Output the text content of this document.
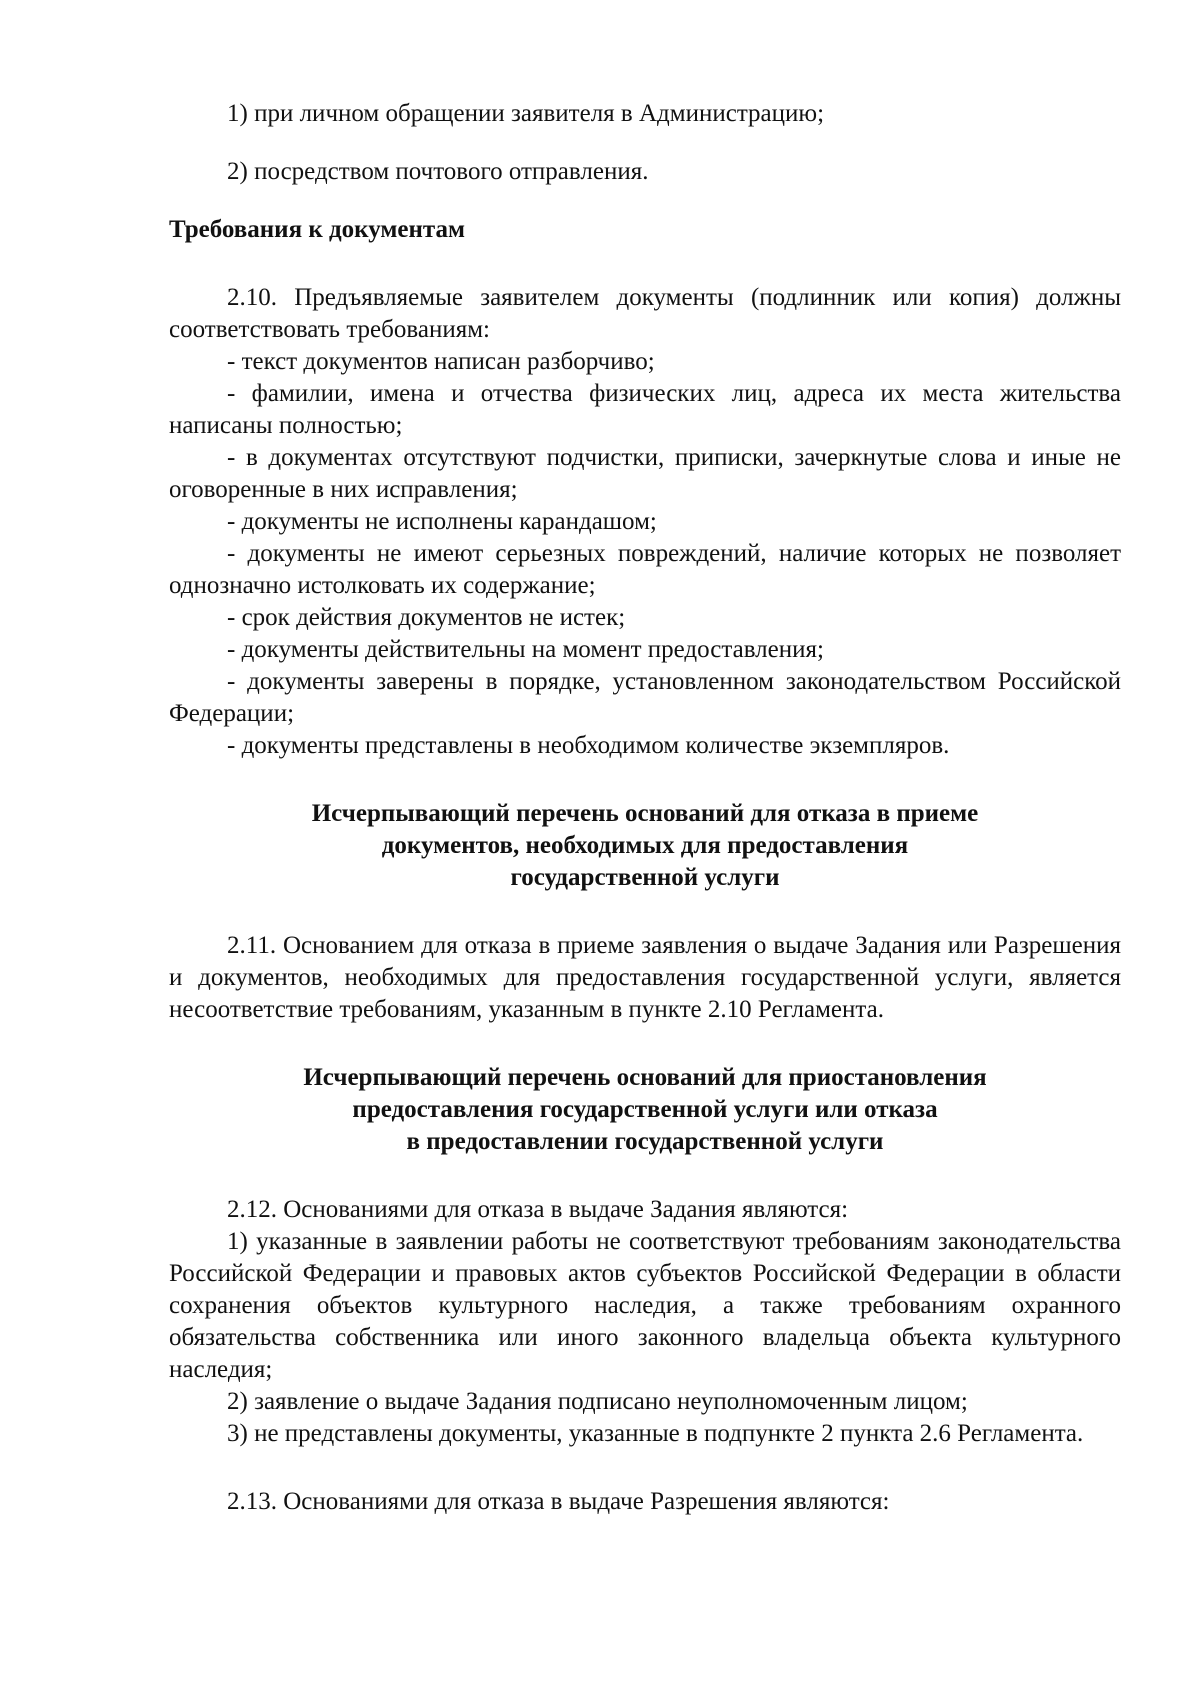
1) при личном обращении заявителя в Администрацию;

2) посредством почтового отправления.

Требования к документам

2.10. Предъявляемые заявителем документы (подлинник или копия) должны соответствовать требованиям:

- текст документов написан разборчиво;

- фамилии, имена и отчества физических лиц, адреса их места жительства написаны полностью;

- в документах отсутствуют подчистки, приписки, зачеркнутые слова и иные не оговоренные в них исправления;

- документы не исполнены карандашом;

- документы не имеют серьезных повреждений, наличие которых не позволяет однозначно истолковать их содержание;

- срок действия документов не истек;

- документы действительны на момент предоставления;

- документы заверены в порядке, установленном законодательством Российской Федерации;

- документы представлены в необходимом количестве экземпляров.

Исчерпывающий перечень оснований для отказа в приеме
документов, необходимых для предоставления
государственной услуги

2.11. Основанием для отказа в приеме заявления о выдаче Задания или Разрешения и документов, необходимых для предоставления государственной услуги, является несоответствие требованиям, указанным в пункте 2.10 Регламента.

Исчерпывающий перечень оснований для приостановления
предоставления государственной услуги или отказа
в предоставлении государственной услуги

2.12. Основаниями для отказа в выдаче Задания являются:

1) указанные в заявлении работы не соответствуют требованиям законодательства Российской Федерации и правовых актов субъектов Российской Федерации в области сохранения объектов культурного наследия, а также требованиям охранного обязательства собственника или иного законного владельца объекта культурного наследия;

2) заявление о выдаче Задания подписано неуполномоченным лицом;

3) не представлены документы, указанные в подпункте 2 пункта 2.6 Регламента.

2.13. Основаниями для отказа в выдаче Разрешения являются:
